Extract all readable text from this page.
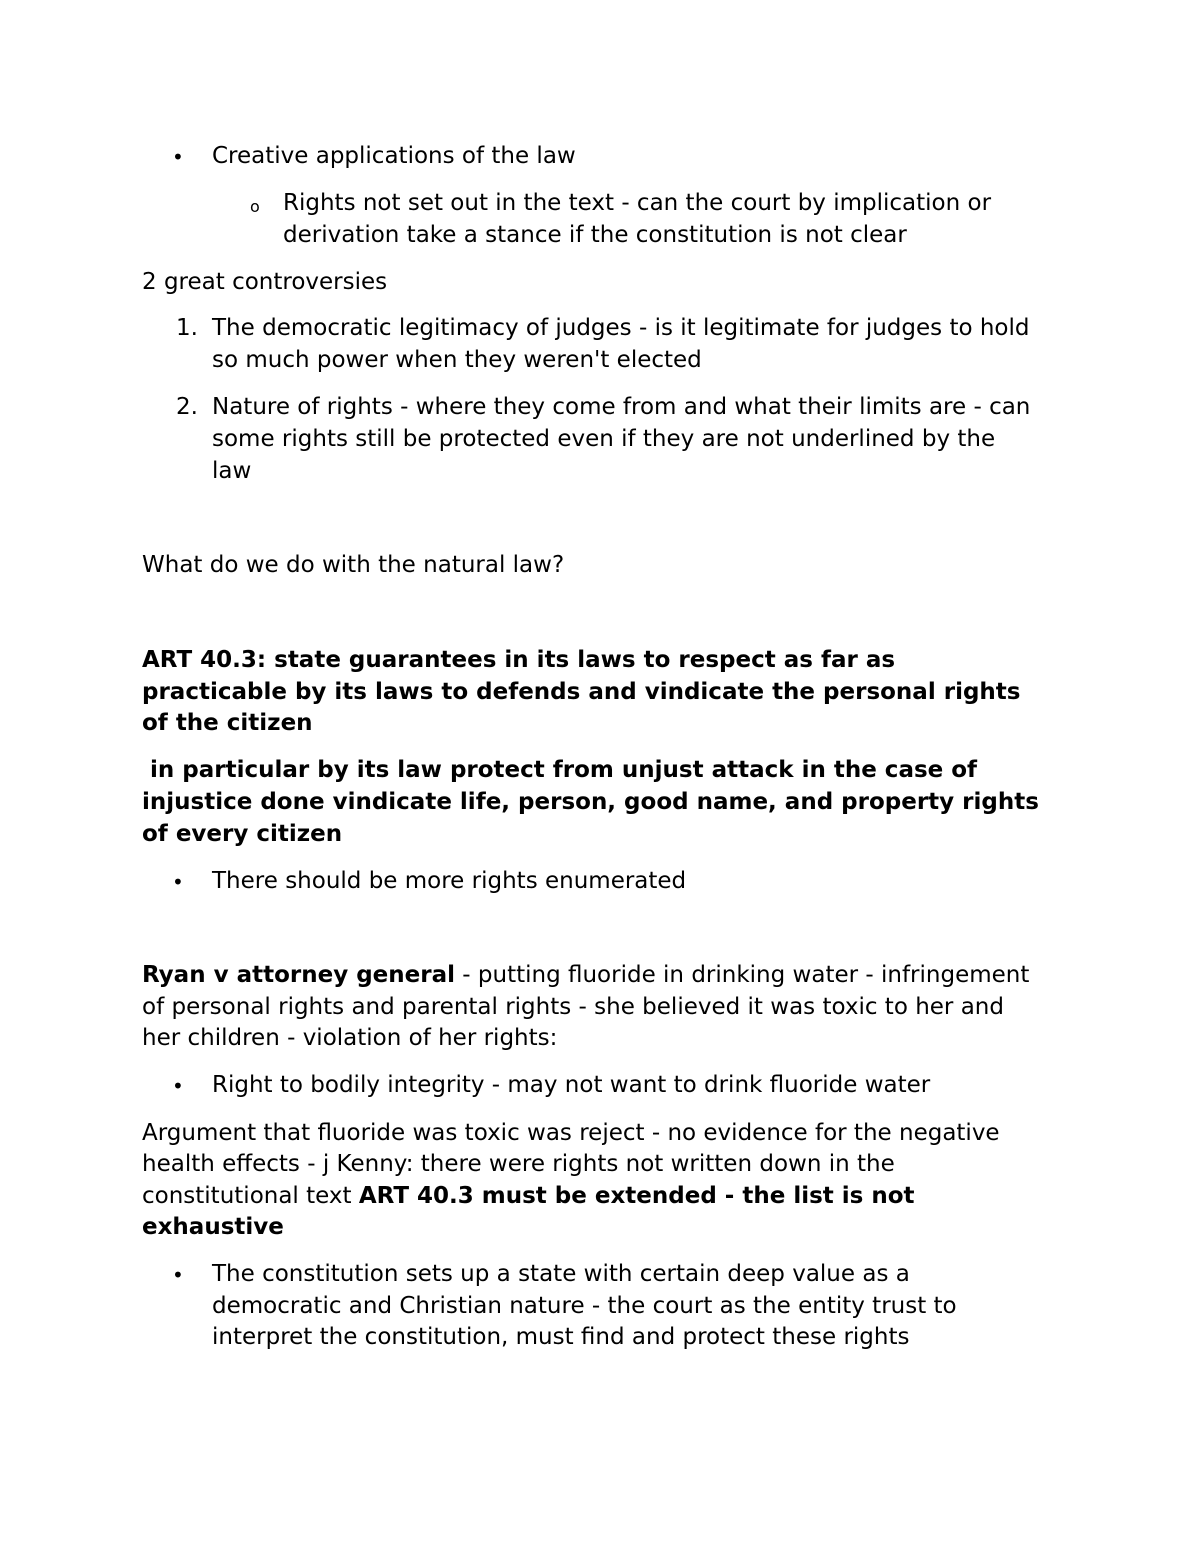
• Creative applications of the law
o Rights not set out in the text - can the court by implication or
derivation take a stance if the constitution is not clear
2 great controversies
1. The democratic legitimacy of judges - is it legitimate for judges to hold
so much power when they weren't elected
2. Nature of rights - where they come from and what their limits are - can
some rights still be protected even if they are not underlined by the
law
What do we do with the natural law?
ART 40.3: state guarantees in its laws to respect as far as
practicable by its laws to defends and vindicate the personal rights
of the citizen
in particular by its law protect from unjust attack in the case of
injustice done vindicate life, person, good name, and property rights
of every citizen
• There should be more rights enumerated
Ryan v attorney general - putting fluoride in drinking water - infringement
of personal rights and parental rights - she believed it was toxic to her and
her children - violation of her rights:
• Right to bodily integrity - may not want to drink fluoride water
Argument that fluoride was toxic was reject - no evidence for the negative
health effects - j Kenny: there were rights not written down in the
constitutional text ART 40.3 must be extended - the list is not
exhaustive
• The constitution sets up a state with certain deep value as a
democratic and Christian nature - the court as the entity trust to
interpret the constitution, must find and protect these rights
